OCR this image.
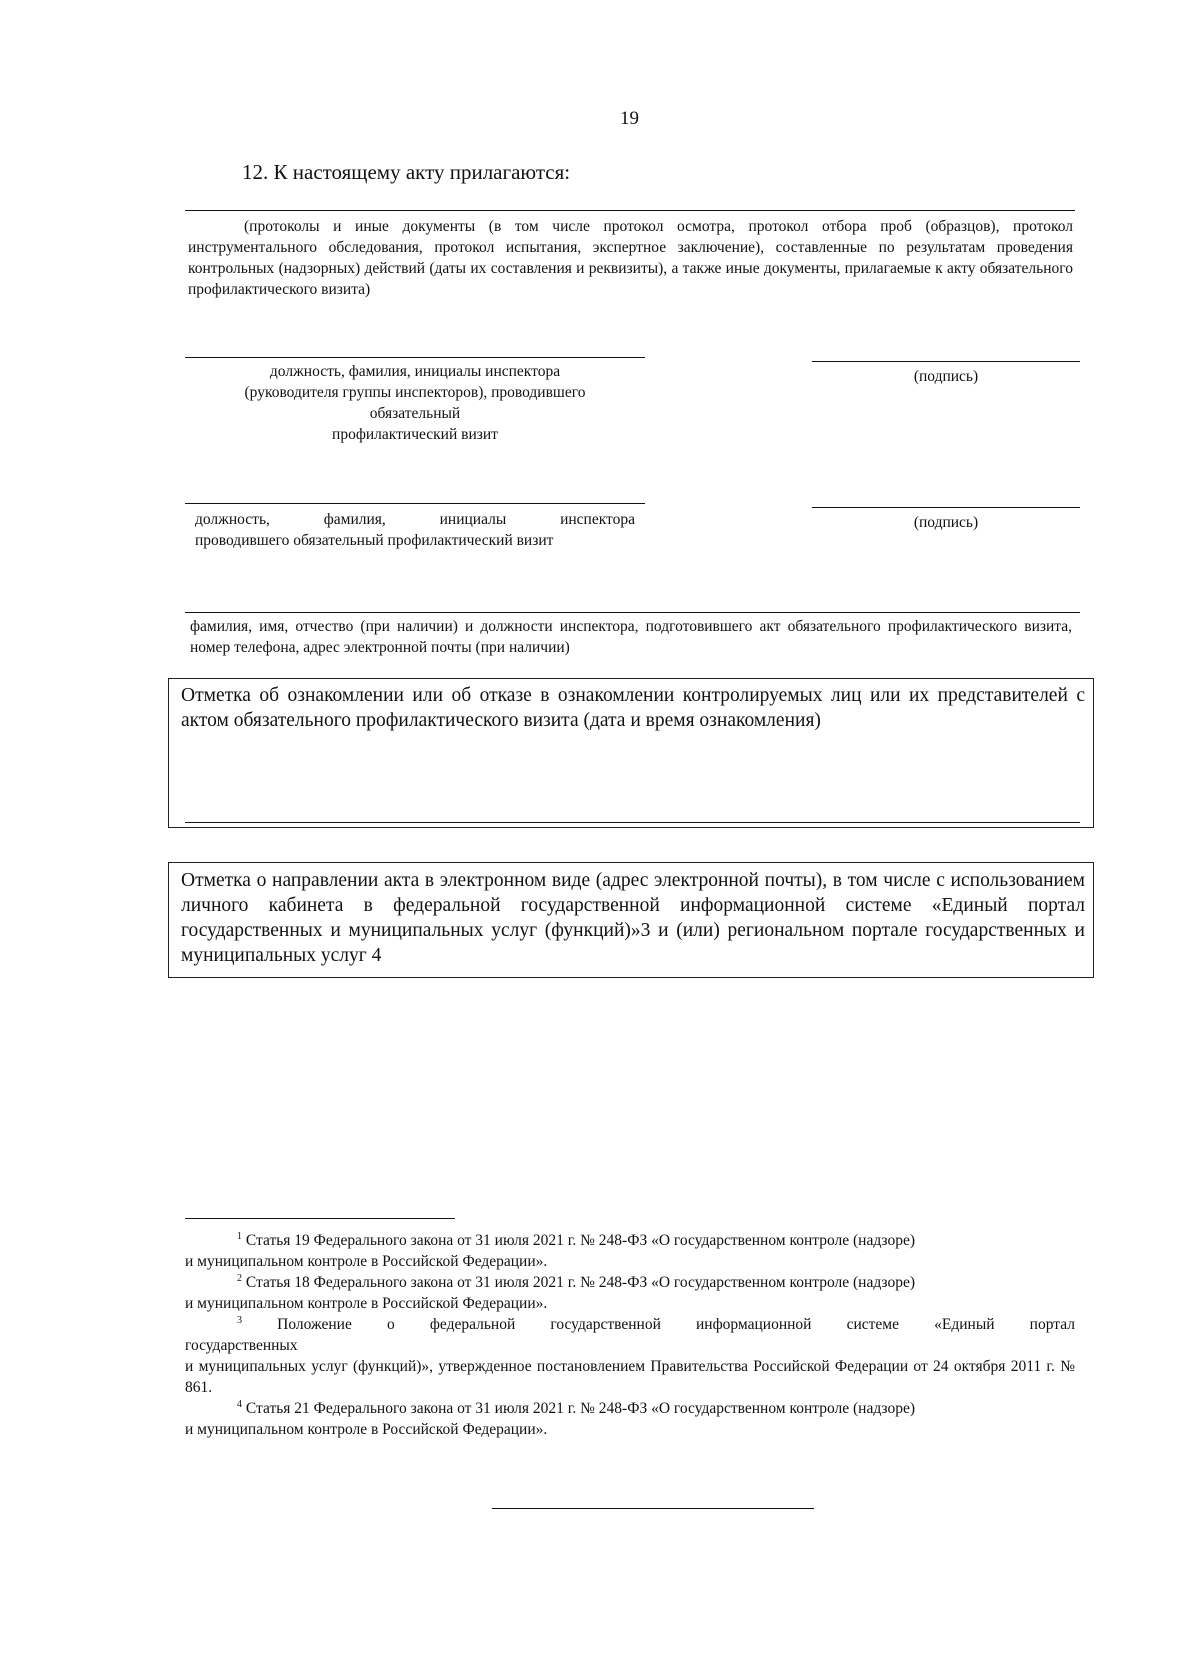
19
12. К настоящему акту прилагаются:
(протоколы и иные документы (в том числе протокол осмотра, протокол отбора проб (образцов), протокол инструментального обследования, протокол испытания, экспертное заключение), составленные по результатам проведения контрольных (надзорных) действий (даты их составления и реквизиты), а также иные документы, прилагаемые к акту обязательного профилактического визита)
должность, фамилия, инициалы инспектора
(руководителя группы инспекторов), проводившего
обязательный
профилактический визит
(подпись)
должность, фамилия, инициалы инспектора
проводившего обязательный профилактический визит
(подпись)
фамилия, имя, отчество (при наличии) и должности инспектора, подготовившего акт обязательного профилактического визита, номер телефона, адрес электронной почты (при наличии)
Отметка об ознакомлении или об отказе в ознакомлении контролируемых лиц или их представителей с актом обязательного профилактического визита (дата и время ознакомления)
Отметка о направлении акта в электронном виде (адрес электронной почты), в том числе с использованием личного кабинета в федеральной государственной информационной системе «Единый портал государственных и муниципальных услуг (функций)»3 и (или) региональном портале государственных и муниципальных услуг 4
$^1$ Статья 19 Федерального закона от 31 июля 2021 г. № 248-ФЗ «О государственном контроле (надзоре)
и муниципальном контроле в Российской Федерации».
$^2$ Статья 18 Федерального закона от 31 июля 2021 г. № 248-ФЗ «О государственном контроле (надзоре)
и муниципальном контроле в Российской Федерации».
$^3$ Положение о федеральной государственной информационной системе «Единый портал
государственных
и муниципальных услуг (функций)», утвержденное постановлением Правительства Российской Федерации от 24 октября 2011 г. № 861.
$^4$ Статья 21 Федерального закона от 31 июля 2021 г. № 248-ФЗ «О государственном контроле (надзоре)
и муниципальном контроле в Российской Федерации».
